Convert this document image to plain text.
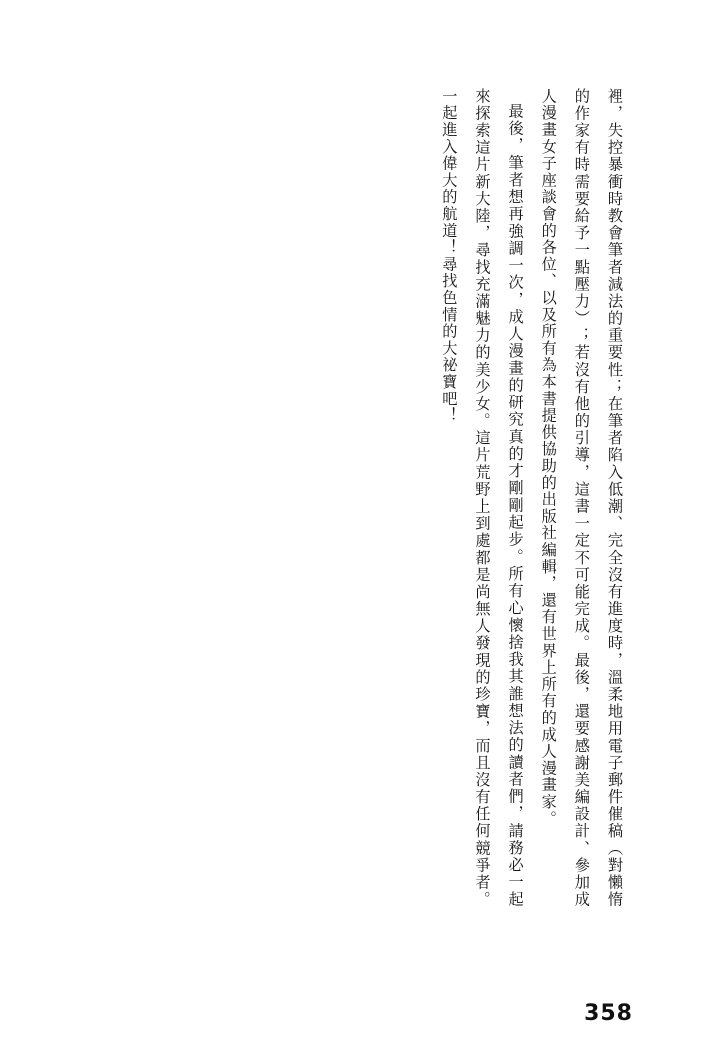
裡，失控暴衝時教會筆者減法的重要性；在筆者陷入低潮、完全沒有進度時，溫柔地用電子郵件催稿（對懶惰的作家有時需要給予一點壓力）；若沒有他的引導，這書一定不可能完成。最後，還要感謝美編設計、參加成人漫畫女子座談會的各位、以及所有為本書提供協助的出版社編輯，還有世界上所有的成人漫畫家。
最後，筆者想再強調一次，成人漫畫的研究真的才剛剛起步。所有心懷捨我其誰想法的讀者們，請務必一起來探索這片新大陸，尋找充滿魅力的美少女。這片荒野上到處都是尚無人發現的珍寶，而且沒有任何競爭者。一起進入偉大的航道！尋找色情的大祕寶吧！
358
